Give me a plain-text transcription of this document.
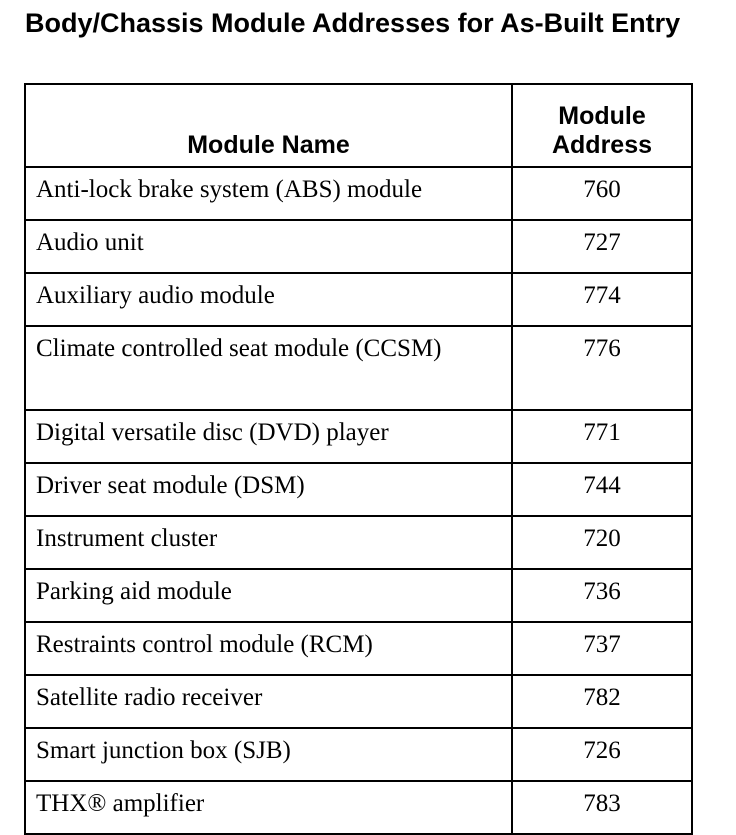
Body/Chassis Module Addresses for As-Built Entry
Module Name	Module Address
Anti-lock brake system (ABS) module	760
Audio unit	727
Auxiliary audio module	774
Climate controlled seat module (CCSM)	776
Digital versatile disc (DVD) player	771
Driver seat module (DSM)	744
Instrument cluster	720
Parking aid module	736
Restraints control module (RCM)	737
Satellite radio receiver	782
Smart junction box (SJB)	726
THX® amplifier	783
